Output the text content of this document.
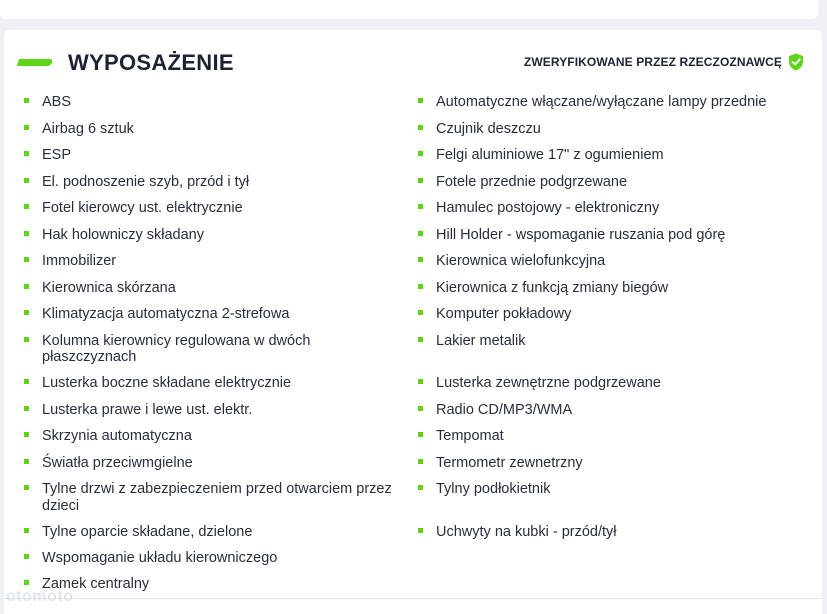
WYPOSAŻENIE	ZWERYFIKOWANE PRZEZ RZECZOZNAWCĘ
ABS
Airbag 6 sztuk
ESP
El. podnoszenie szyb, przód i tył
Fotel kierowcy ust. elektrycznie
Hak holowniczy składany
Immobilizer
Kierownica skórzana
Klimatyzacja automatyczna 2-strefowa
Kolumna kierownicy regulowana w dwóch płaszczyznach
Lusterka boczne składane elektrycznie
Lusterka prawe i lewe ust. elektr.
Skrzynia automatyczna
Światła przeciwmgielne
Tylne drzwi z zabezpieczeniem przed otwarciem przez dzieci
Tylne oparcie składane, dzielone
Wspomaganie układu kierowniczego
Zamek centralny
Automatyczne włączane/wyłączane lampy przednie
Czujnik deszczu
Felgi aluminiowe 17" z ogumieniem
Fotele przednie podgrzewane
Hamulec postojowy - elektroniczny
Hill Holder - wspomaganie ruszania pod górę
Kierownica wielofunkcyjna
Kierownica z funkcją zmiany biegów
Komputer pokładowy
Lakier metalik
Lusterka zewnętrzne podgrzewane
Radio CD/MP3/WMA
Tempomat
Termometr zewnetrzny
Tylny podłokietnik
Uchwyty na kubki - przód/tył
otomoto
